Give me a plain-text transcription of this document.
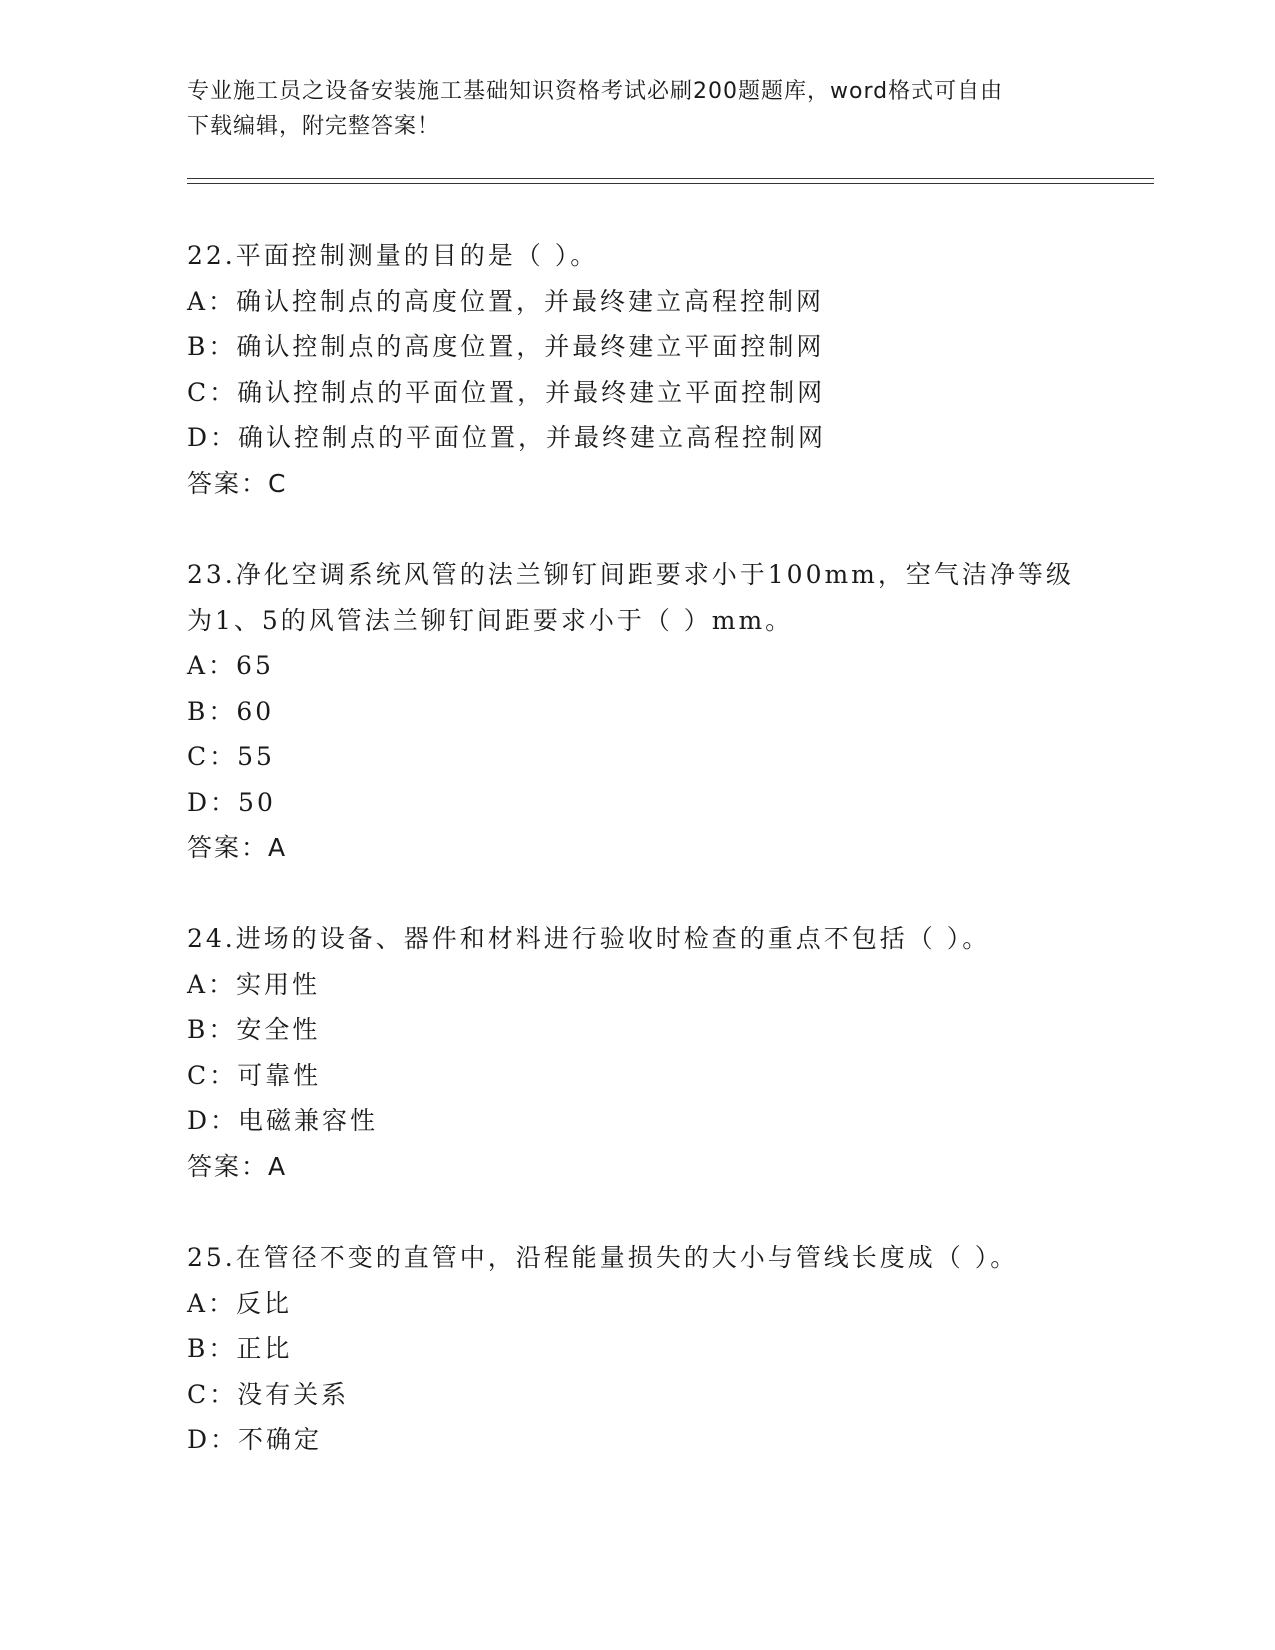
专业施工员之设备安装施工基础知识资格考试必刷200题题库，word格式可自由
下载编辑，附完整答案！
22.平面控制测量的目的是（ ）。
A：确认控制点的高度位置，并最终建立高程控制网
B：确认控制点的高度位置，并最终建立平面控制网
C：确认控制点的平面位置，并最终建立平面控制网
D：确认控制点的平面位置，并最终建立高程控制网
答案：C
23.净化空调系统风管的法兰铆钉间距要求小于100mm，空气洁净等级
为1、5的风管法兰铆钉间距要求小于（ ）mm。
A：65
B：60
C：55
D：50
答案：A
24.进场的设备、器件和材料进行验收时检查的重点不包括（ ）。
A：实用性
B：安全性
C：可靠性
D：电磁兼容性
答案：A
25.在管径不变的直管中，沿程能量损失的大小与管线长度成（ ）。
A：反比
B：正比
C：没有关系
D：不确定
